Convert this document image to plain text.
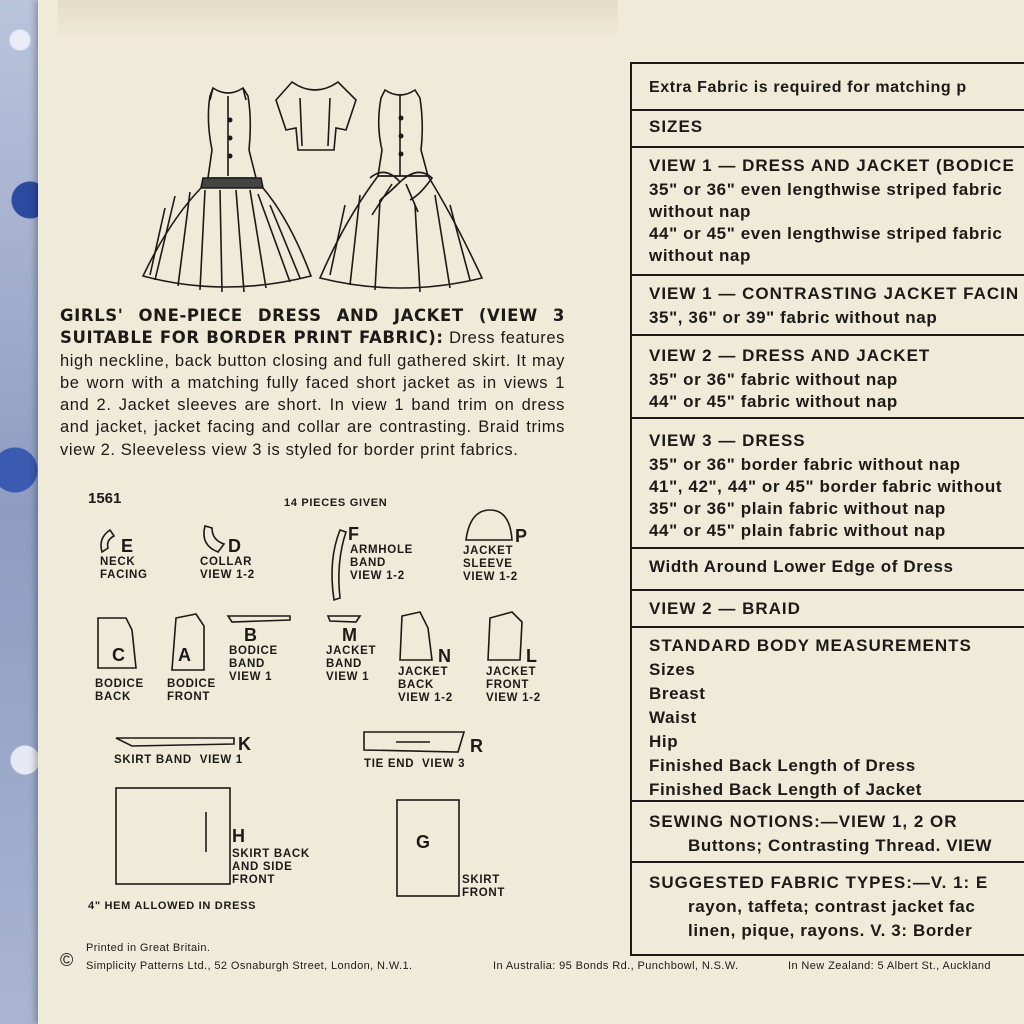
GIRLS' ONE-PIECE DRESS AND JACKET (VIEW 3 SUITABLE FOR BORDER PRINT FABRIC): Dress features high neckline, back button closing and full gathered skirt. It may be worn with a matching fully faced short jacket as in views 1 and 2. Jacket sleeves are short. In view 1 band trim on dress and jacket, jacket facing and collar are contrasting. Braid trims view 2. Sleeveless view 3 is styled for border print fabrics.
1561	14 PIECES GIVEN
E
NECK
FACING
D
COLLAR
VIEW 1-2
F
ARMHOLE
BAND
VIEW 1-2
P
JACKET
SLEEVE
VIEW 1-2
C
BODICE
BACK
A
BODICE
FRONT
B
BODICE
BAND
VIEW 1
M
JACKET
BAND
VIEW 1
N
JACKET
BACK
VIEW 1-2
L
JACKET
FRONT
VIEW 1-2
K
SKIRT BAND  VIEW 1
R
TIE END  VIEW 3
H
SKIRT BACK
AND SIDE
FRONT
G
SKIRT
FRONT
4" HEM ALLOWED IN DRESS
Printed in Great Britain.
© Simplicity Patterns Ltd., 52 Osnaburgh Street, London, N.W.1.	In Australia: 95 Bonds Rd., Punchbowl, N.S.W.	In New Zealand: 5 Albert St., Auckland
Extra Fabric is required for matching p
SIZES
VIEW 1 — DRESS AND JACKET (BODICE
35" or 36" even lengthwise striped fabric
without nap
44" or 45" even lengthwise striped fabric
without nap
VIEW 1 — CONTRASTING JACKET FACIN
35", 36" or 39" fabric without nap
VIEW 2 — DRESS AND JACKET
35" or 36" fabric without nap
44" or 45" fabric without nap
VIEW 3 — DRESS
35" or 36" border fabric without nap
41", 42", 44" or 45" border fabric without
35" or 36" plain fabric without nap
44" or 45" plain fabric without nap
Width Around Lower Edge of Dress
VIEW 2 — BRAID
STANDARD BODY MEASUREMENTS
Sizes
Breast
Waist
Hip
Finished Back Length of Dress
Finished Back Length of Jacket
SEWING NOTIONS:—VIEW 1, 2 OR
Buttons; Contrasting Thread. VIEW
SUGGESTED FABRIC TYPES:—V. 1: E
rayon, taffeta; contrast jacket fac
linen, pique, rayons. V. 3: Border
